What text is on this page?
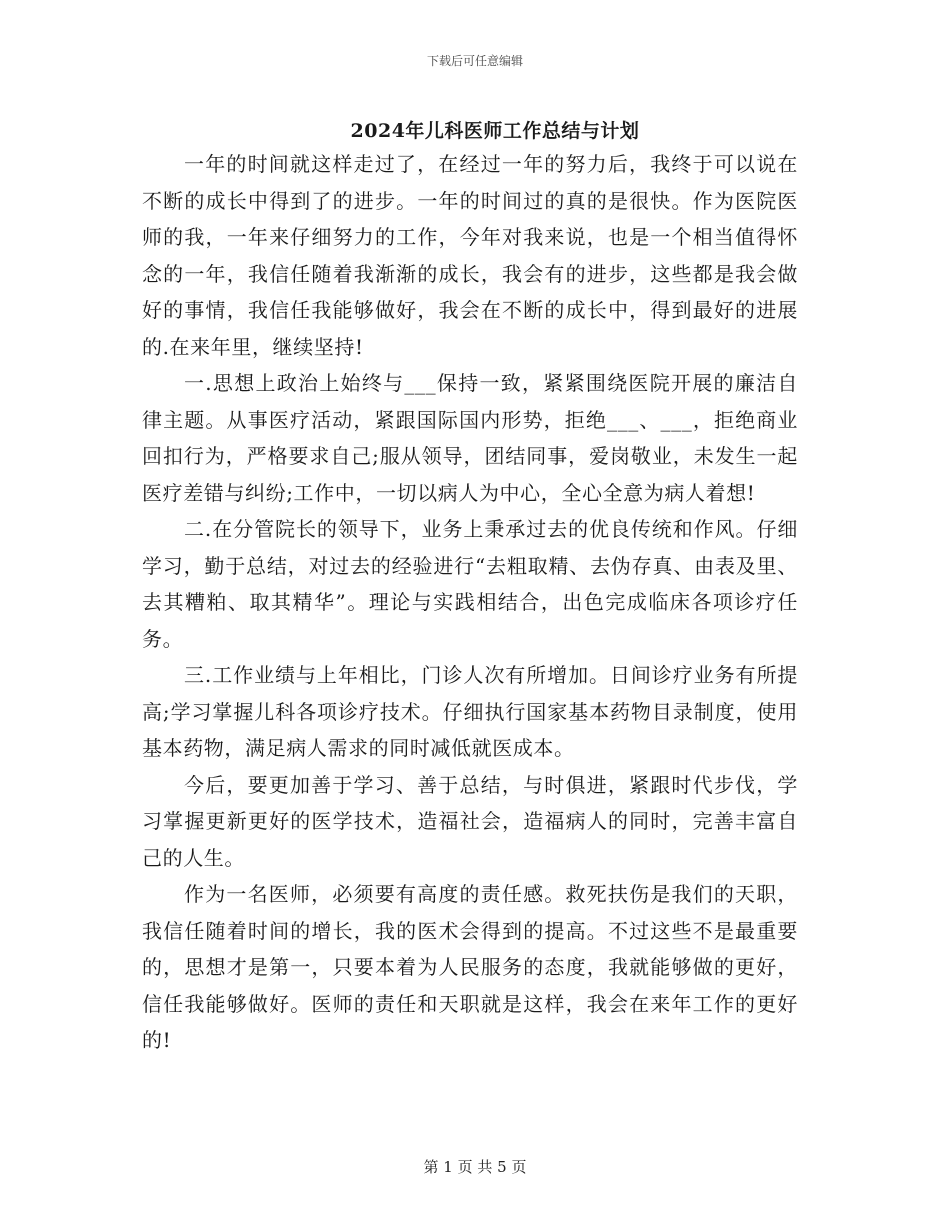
下载后可任意编辑
2024年儿科医师工作总结与计划

一年的时间就这样走过了，在经过一年的努力后，我终于可以说在不断的成长中得到了的进步。一年的时间过的真的是很快。作为医院医师的我，一年来仔细努力的工作，今年对我来说，也是一个相当值得怀念的一年，我信任随着我渐渐的成长，我会有的进步，这些都是我会做好的事情，我信任我能够做好，我会在不断的成长中，得到最好的进展的.在来年里，继续坚持!

一.思想上政治上始终与___保持一致，紧紧围绕医院开展的廉洁自律主题。从事医疗活动，紧跟国际国内形势，拒绝___、___，拒绝商业回扣行为，严格要求自己;服从领导，团结同事，爱岗敬业，未发生一起医疗差错与纠纷;工作中，一切以病人为中心，全心全意为病人着想!

二.在分管院长的领导下，业务上秉承过去的优良传统和作风。仔细学习，勤于总结，对过去的经验进行“去粗取精、去伪存真、由表及里、去其糟粕、取其精华”。理论与实践相结合，出色完成临床各项诊疗任务。

三.工作业绩与上年相比，门诊人次有所增加。日间诊疗业务有所提高;学习掌握儿科各项诊疗技术。仔细执行国家基本药物目录制度，使用基本药物，满足病人需求的同时减低就医成本。

今后，要更加善于学习、善于总结，与时俱进，紧跟时代步伐，学习掌握更新更好的医学技术，造福社会，造福病人的同时，完善丰富自己的人生。

作为一名医师，必须要有高度的责任感。救死扶伤是我们的天职，我信任随着时间的增长，我的医术会得到的提高。不过这些不是最重要的，思想才是第一，只要本着为人民服务的态度，我就能够做的更好，信任我能够做好。医师的责任和天职就是这样，我会在来年工作的更好的!

第 1 页 共 5 页
